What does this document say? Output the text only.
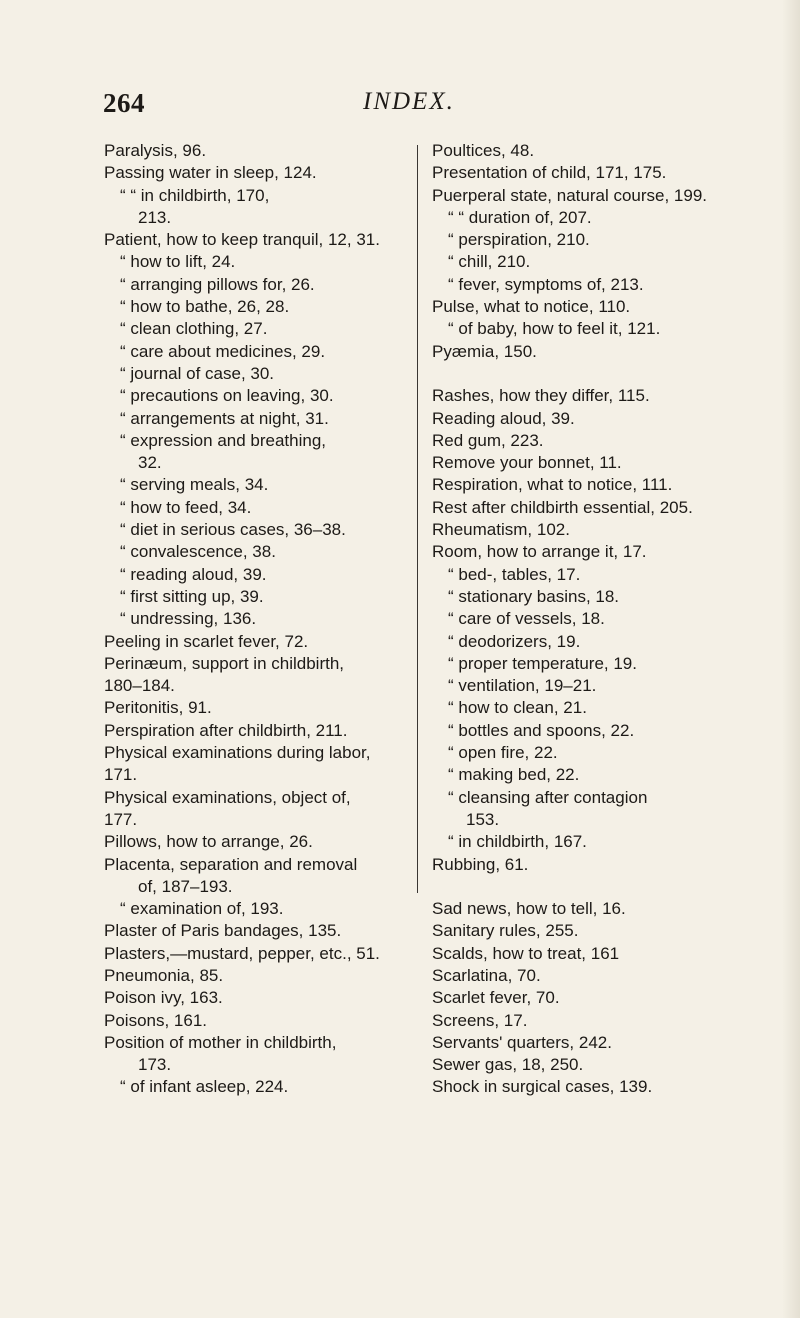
264	INDEX.
Paralysis, 96.
Passing water in sleep, 124.
“ “ in childbirth, 170,
213.
Patient, how to keep tranquil, 12, 31.
“ how to lift, 24.
“ arranging pillows for, 26.
“ how to bathe, 26, 28.
“ clean clothing, 27.
“ care about medicines, 29.
“ journal of case, 30.
“ precautions on leaving, 30.
“ arrangements at night, 31.
“ expression and breathing,
32.
“ serving meals, 34.
“ how to feed, 34.
“ diet in serious cases, 36–38.
“ convalescence, 38.
“ reading aloud, 39.
“ first sitting up, 39.
“ undressing, 136.
Peeling in scarlet fever, 72.
Perinæum, support in childbirth,
180–184.
Peritonitis, 91.
Perspiration after childbirth, 211.
Physical examinations during labor,
171.
Physical examinations, object of,
177.
Pillows, how to arrange, 26.
Placenta, separation and removal
of, 187–193.
“ examination of, 193.
Plaster of Paris bandages, 135.
Plasters,—mustard, pepper, etc., 51.
Pneumonia, 85.
Poison ivy, 163.
Poisons, 161.
Position of mother in childbirth,
173.
“ of infant asleep, 224.
Poultices, 48.
Presentation of child, 171, 175.
Puerperal state, natural course, 199.
“ “ duration of, 207.
“ perspiration, 210.
“ chill, 210.
“ fever, symptoms of, 213.
Pulse, what to notice, 110.
“ of baby, how to feel it, 121.
Pyæmia, 150.
Rashes, how they differ, 115.
Reading aloud, 39.
Red gum, 223.
Remove your bonnet, 11.
Respiration, what to notice, 111.
Rest after childbirth essential, 205.
Rheumatism, 102.
Room, how to arrange it, 17.
“ bed-, tables, 17.
“ stationary basins, 18.
“ care of vessels, 18.
“ deodorizers, 19.
“ proper temperature, 19.
“ ventilation, 19–21.
“ how to clean, 21.
“ bottles and spoons, 22.
“ open fire, 22.
“ making bed, 22.
“ cleansing after contagion
153.
“ in childbirth, 167.
Rubbing, 61.
Sad news, how to tell, 16.
Sanitary rules, 255.
Scalds, how to treat, 161
Scarlatina, 70.
Scarlet fever, 70.
Screens, 17.
Servants' quarters, 242.
Sewer gas, 18, 250.
Shock in surgical cases, 139.
